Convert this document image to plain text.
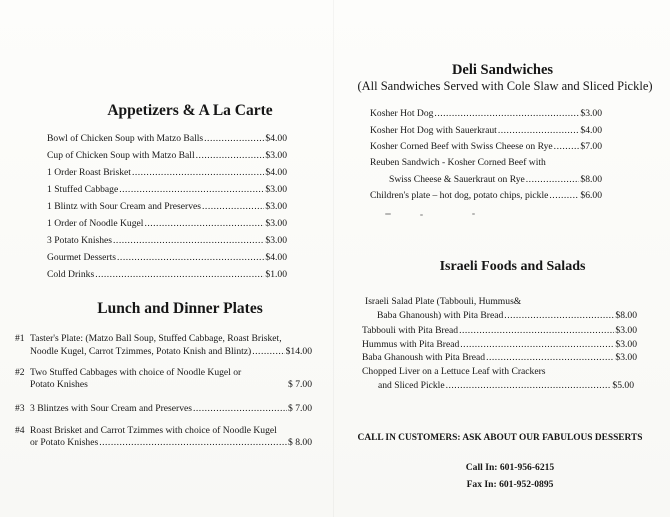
Appetizers & A La Carte
Bowl of Chicken Soup with Matzo Balls .....	$4.00
Cup of Chicken Soup with Matzo Ball .....	$3.00
1 Order Roast Brisket .....	$4.00
1 Stuffed Cabbage .....	$3.00
1 Blintz with Sour Cream and Preserves .....	$3.00
1 Order of Noodle Kugel .....	$3.00
3 Potato Knishes .....	$3.00
Gourmet Desserts .....	$4.00
Cold Drinks .....	$1.00
Lunch and Dinner Plates
#1 Taster's Plate: (Matzo Ball Soup, Stuffed Cabbage, Roast Brisket,
Noodle Kugel, Carrot Tzimmes, Potato Knish and Blintz) .....	$14.00
#2 Two Stuffed Cabbages with choice of Noodle Kugel or
Potato Knishes	$ 7.00
#3 3 Blintzes with Sour Cream and Preserves .....	$ 7.00
#4 Roast Brisket and Carrot Tzimmes with choice of Noodle Kugel
or Potato Knishes .....	$ 8.00
Deli Sandwiches
(All Sandwiches Served with Cole Slaw and Sliced Pickle)
Kosher Hot Dog .....	$3.00
Kosher Hot Dog with Sauerkraut .....	$4.00
Kosher Corned Beef with Swiss Cheese on Rye .....	$7.00
Reuben Sandwich - Kosher Corned Beef with
Swiss Cheese & Sauerkraut on Rye .....	$8.00
Children's plate – hot dog, potato chips, pickle .....	$6.00
Israeli Foods and Salads
Israeli Salad Plate (Tabbouli, Hummus&
Baba Ghanoush) with Pita Bread .....	$8.00
Tabbouli with Pita Bread .....	$3.00
Hummus with Pita Bread .....	$3.00
Baba Ghanoush with Pita Bread .....	$3.00
Chopped Liver on a Lettuce Leaf with Crackers
and Sliced Pickle .....	$5.00
CALL IN CUSTOMERS: ASK ABOUT OUR FABULOUS DESSERTS
Call In: 601-956-6215
Fax In: 601-952-0895
